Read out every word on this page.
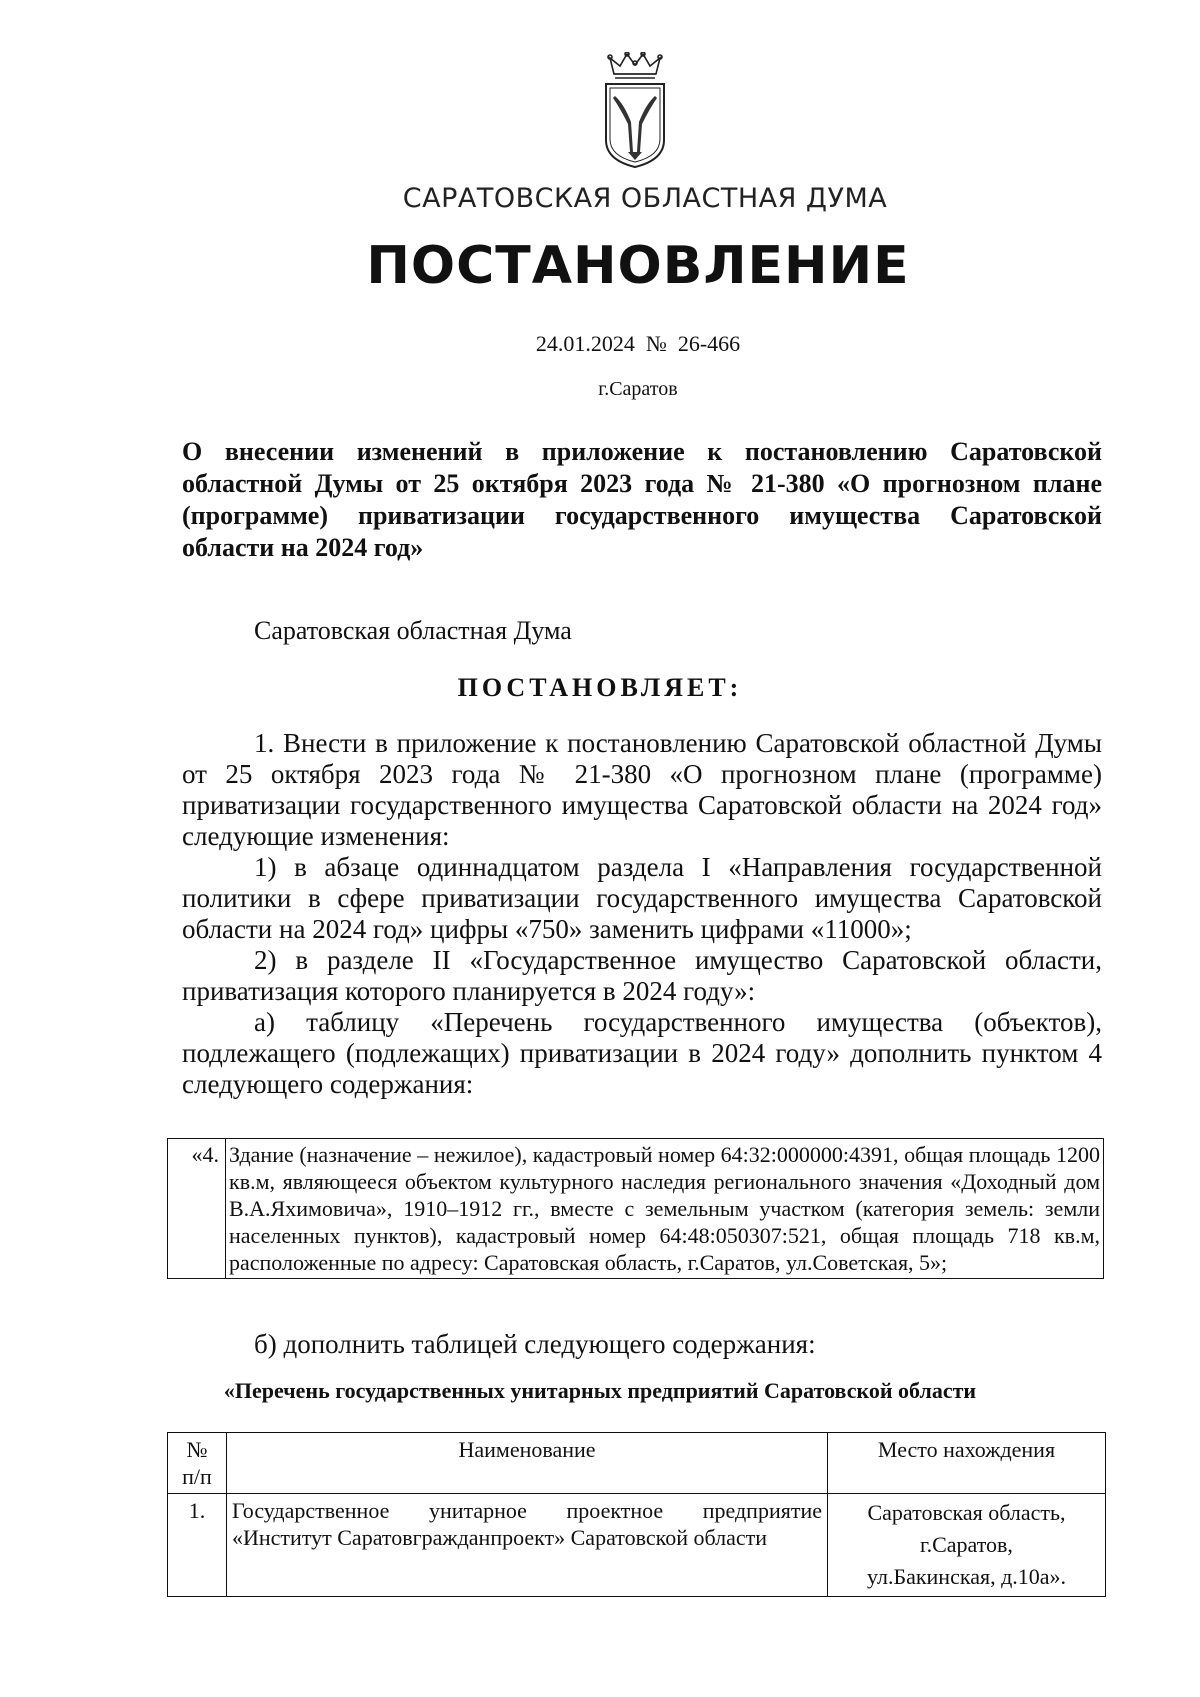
САРАТОВСКАЯ ОБЛАСТНАЯ ДУМА
ПОСТАНОВЛЕНИЕ
24.01.2024  №  26-466
г.Саратов
О внесении изменений в приложение к постановлению Саратовской областной Думы от 25 октября 2023 года № 21-380 «О прогнозном плане (программе) приватизации государственного имущества Саратовской области на 2024 год»
Саратовская областная Дума
ПОСТАНОВЛЯЕТ:

1. Внести в приложение к постановлению Саратовской областной Думы от 25 октября 2023 года № 21-380 «О прогнозном плане (программе) приватизации государственного имущества Саратовской области на 2024 год» следующие изменения:

1) в абзаце одиннадцатом раздела I «Направления государственной политики в сфере приватизации государственного имущества Саратовской области на 2024 год» цифры «750» заменить цифрами «11000»;

2) в разделе II «Государственное имущество Саратовской области, приватизация которого планируется в 2024 году»:

а) таблицу «Перечень государственного имущества (объектов), подлежащего (подлежащих) приватизации в 2024 году» дополнить пунктом 4 следующего содержания:

«4.	Здание (назначение – нежилое), кадастровый номер 64:32:000000:4391, общая площадь 1200 кв.м, являющееся объектом культурного наследия регионального значения «Доходный дом В.А.Яхимовича», 1910–1912 гг., вместе с земельным участком (категория земель: земли населенных пунктов), кадастровый номер 64:48:050307:521, общая площадь 718 кв.м, расположенные по адресу: Саратовская область, г.Саратов, ул.Советская, 5»;
б) дополнить таблицей следующего содержания:
«Перечень государственных унитарных предприятий Саратовской области
№
п/п	Наименование	Место нахождения
1.	Государственное унитарное проектное предприятие «Институт Саратовгражданпроект» Саратовской области	Саратовская область,
г.Саратов,
ул.Бакинская, д.10а».
